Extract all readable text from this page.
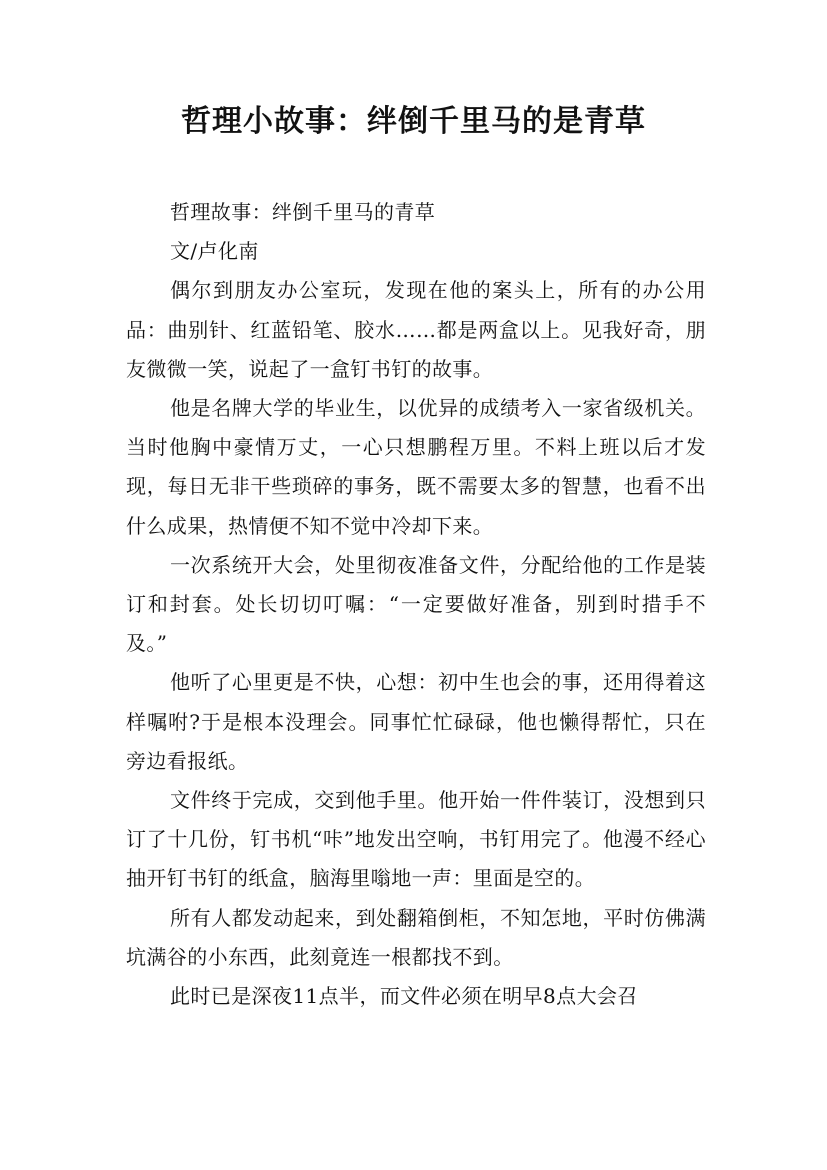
哲理小故事：绊倒千里马的是青草

哲理故事：绊倒千里马的青草

文/卢化南

偶尔到朋友办公室玩，发现在他的案头上，所有的办公用品：曲别针、红蓝铅笔、胶水……都是两盒以上。见我好奇，朋友微微一笑，说起了一盒钉书钉的故事。

他是名牌大学的毕业生，以优异的成绩考入一家省级机关。当时他胸中豪情万丈，一心只想鹏程万里。不料上班以后才发现，每日无非干些琐碎的事务，既不需要太多的智慧，也看不出什么成果，热情便不知不觉中冷却下来。

一次系统开大会，处里彻夜准备文件，分配给他的工作是装订和封套。处长切切叮嘱：“一定要做好准备，别到时措手不及。”

他听了心里更是不快，心想：初中生也会的事，还用得着这样嘱咐?于是根本没理会。同事忙忙碌碌，他也懒得帮忙，只在旁边看报纸。

文件终于完成，交到他手里。他开始一件件装订，没想到只订了十几份，钉书机“咔”地发出空响，书钉用完了。他漫不经心抽开钉书钉的纸盒，脑海里嗡地一声：里面是空的。

所有人都发动起来，到处翻箱倒柜，不知怎地，平时仿佛满坑满谷的小东西，此刻竟连一根都找不到。

此时已是深夜11点半，而文件必须在明早8点大会召
